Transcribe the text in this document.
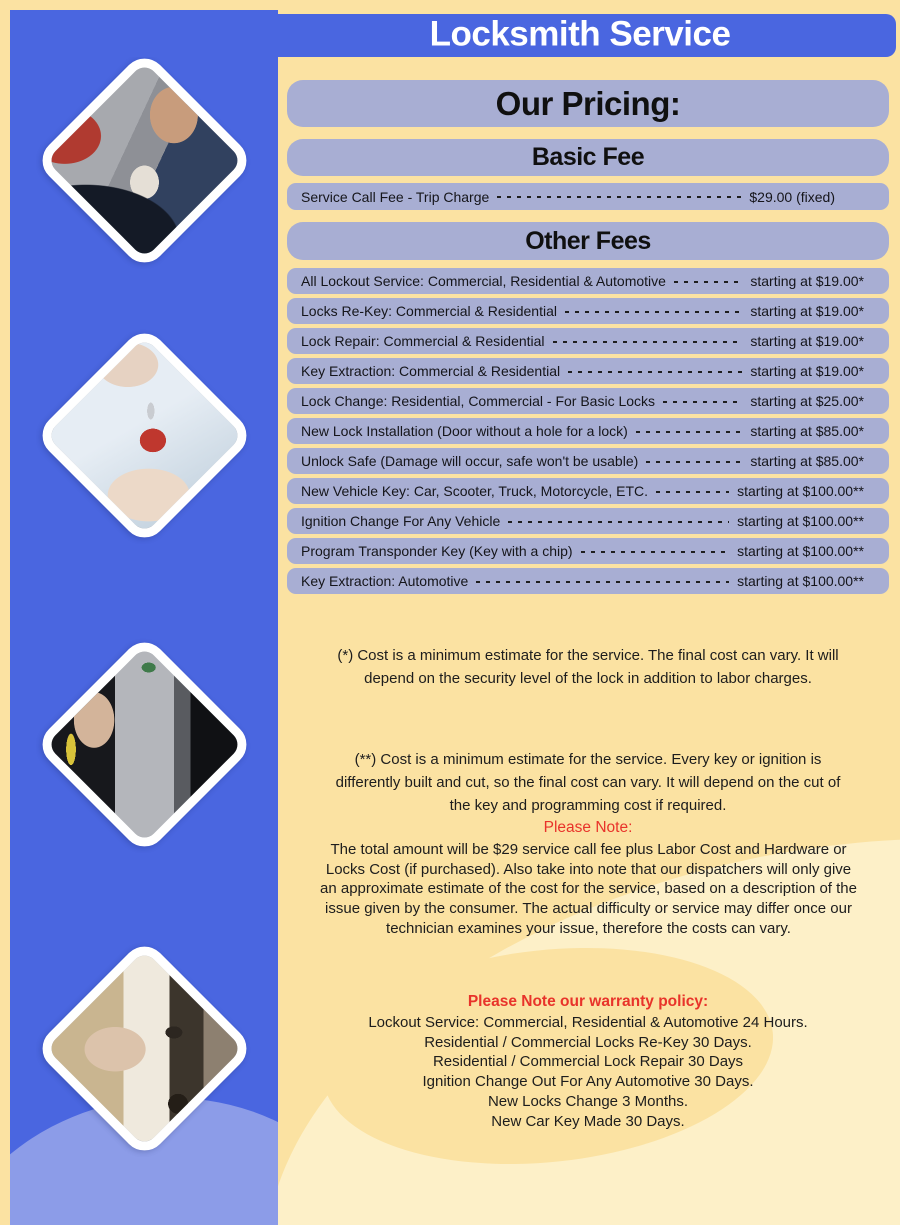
Locksmith Service
Our Pricing:
Basic Fee
Service Call Fee - Trip Charge	$29.00 (fixed)
Other Fees
All Lockout Service: Commercial, Residential & Automotive	starting at $19.00*
Locks Re-Key: Commercial & Residential	starting at $19.00*
Lock Repair: Commercial & Residential	starting at $19.00*
Key Extraction: Commercial & Residential	starting at $19.00*
Lock Change: Residential, Commercial - For Basic Locks	starting at $25.00*
New Lock Installation (Door without a hole for a lock)	starting at $85.00*
Unlock Safe (Damage will occur, safe won't be usable)	starting at $85.00*
New Vehicle Key: Car, Scooter, Truck, Motorcycle, ETC.	starting at $100.00**
Ignition Change For Any Vehicle	starting at $100.00**
Program Transponder Key (Key with a chip)	starting at $100.00**
Key Extraction: Automotive	starting at $100.00**
(*) Cost is a minimum estimate for the service. The final cost can vary. It will depend on the security level of the lock in addition to labor charges.
(**) Cost is a minimum estimate for the service. Every key or ignition is differently built and cut, so the final cost can vary. It will depend on the cut of the key and programming cost if required.
Please Note:
The total amount will be $29 service call fee plus Labor Cost and Hardware or Locks Cost (if purchased). Also take into note that our dispatchers will only give an approximate estimate of the cost for the service, based on a description of the issue given by the consumer. The actual difficulty or service may differ once our technician examines your issue, therefore the costs can vary.
Please Note our warranty policy:
Lockout Service: Commercial, Residential & Automotive 24 Hours.
Residential / Commercial Locks Re-Key 30 Days.
Residential / Commercial Lock Repair 30 Days
Ignition Change Out For Any Automotive 30 Days.
New Locks Change 3 Months.
New Car Key Made 30 Days.
